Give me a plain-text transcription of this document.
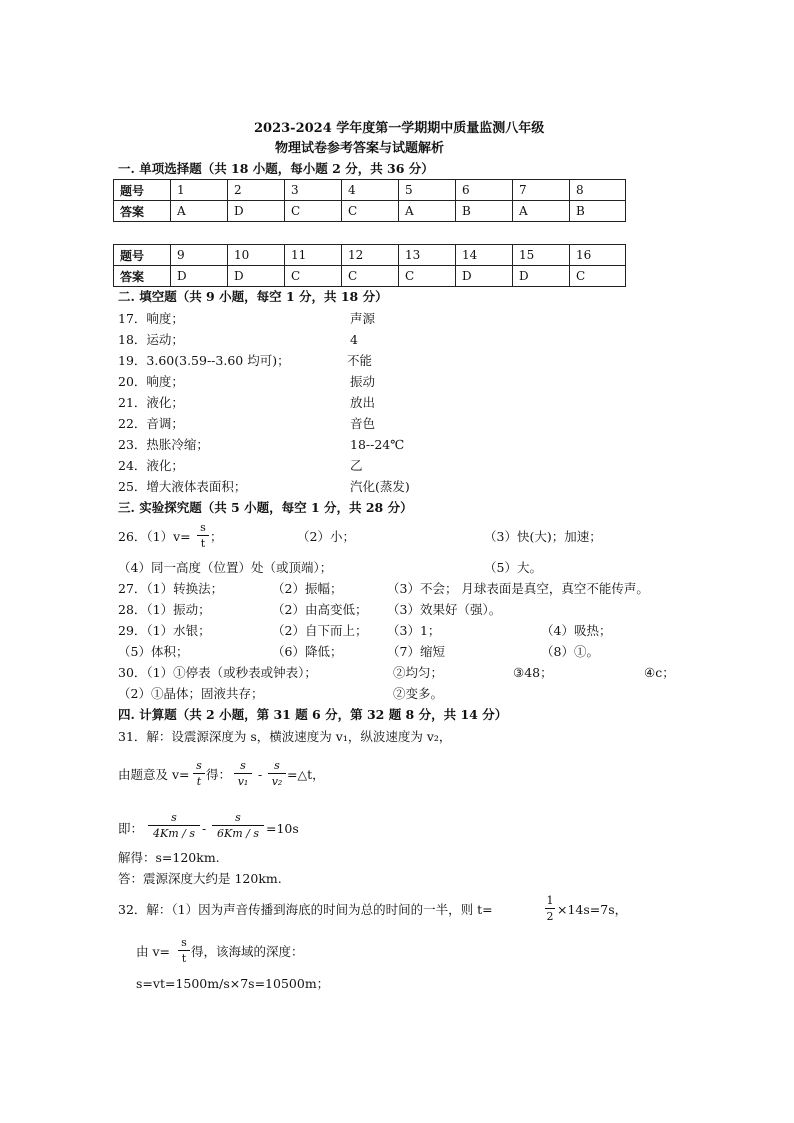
2023-2024 学年度第一学期期中质量监测八年级
物理试卷参考答案与试题解析
一. 单项选择题（共 18 小题，每小题 2 分，共 36 分）
题号	1	2	3	4	5	6	7	8
答案	A	D	C	C	A	B	A	B
题号	9	10	11	12	13	14	15	16
答案	D	D	C	C	C	D	D	C
二. 填空题（共 9 小题，每空 1 分，共 18 分）
17．响度；	声源
18．运动；	4
19．3.60(3.59--3.60 均可)；	不能
20．响度；	振动
21．液化；	放出
22．音调；	音色
23．热胀冷缩；	18--24℃
24．液化；	乙
25．增大液体表面积；	汽化(蒸发)
三. 实验探究题（共 5 小题，每空 1 分，共 28 分）
26．（1）v=
s
t ；	（2）小；	（3）快(大)；加速；
（4）同一高度（位置）处（或顶端）；	（5）大。
27．（1）转换法；	（2）振幅；	（3）不会； 月球表面是真空，真空不能传声。
28．（1）振动；	（2）由高变低； （3）效果好（强）。
29．（1）水银；	（2）自下而上； （3）1；	（4）吸热；
（5）体积；	（6）降低；	（7）缩短	（8）①。
30．（1）①停表（或秒表或钟表）；	②均匀；	③48；	④c；
（2）①晶体；固液共存；	②变多。
四. 计算题（共 2 小题，第 31 题 6 分，第 32 题 8 分，共 14 分）
31．解：设震源深度为 s，横波速度为 v₁，纵波速度为 v₂，
由题意及 v=
s
t 得：
s
v₁ -
s
v₂ =△t，
即：
s
4Km / s -
s
6Km / s =10s
解得：s=120km.
答：震源深度大约是 120km.
32．解：（1）因为声音传播到海底的时间为总的时间的一半，则 t=
1
2 ×14s=7s，
由 v=
s
t 得，该海域的深度：
s=vt=1500m/s×7s=10500m；
